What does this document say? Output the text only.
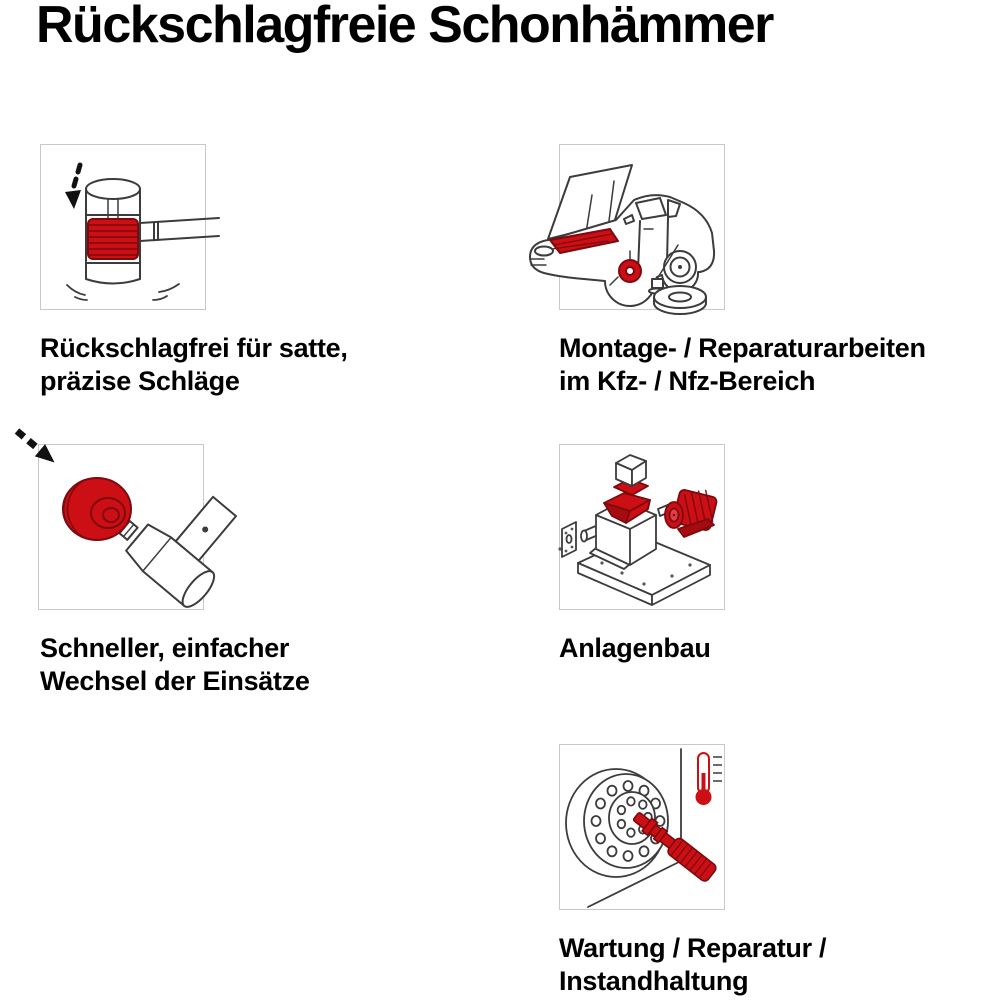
Rückschlagfreie Schonhämmer
Rückschlagfrei für satte,
präzise Schläge
Montage- / Reparaturarbeiten
im Kfz- / Nfz-Bereich
Schneller, einfacher
Wechsel der Einsätze
Anlagenbau
Wartung / Reparatur /
Instandhaltung
